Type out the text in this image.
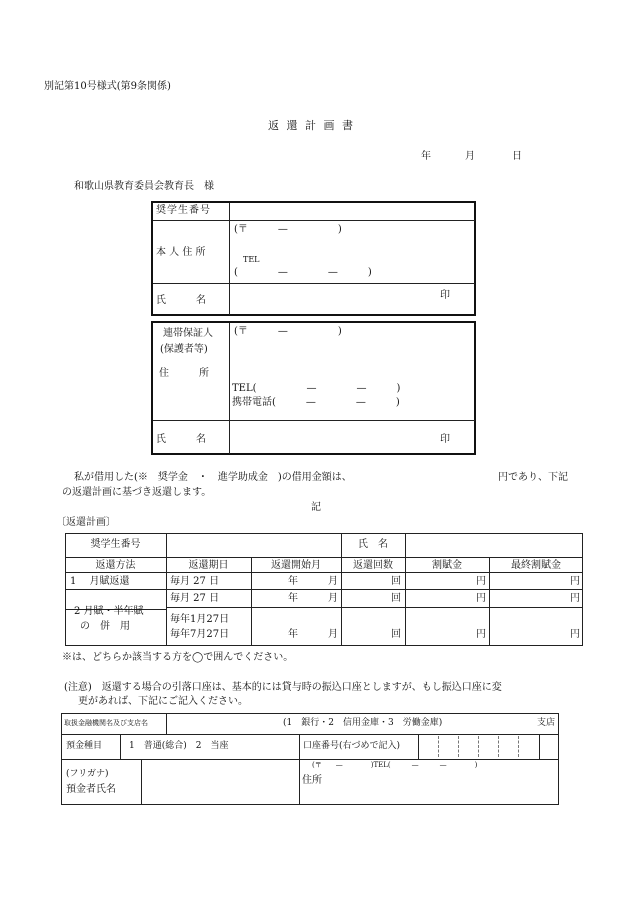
別記第10号様式(第9条関係)
返 還 計 画 書
年	月	日
和歌山県教育委員会教育長　様
奨学生番号
本 人 住 所
(〒　　　—　　　　　)
TEL
(　　　　—　　　　—　　　)
氏　　　名	印
連帯保証人
(保護者等)
住　　　所
(〒　　　—　　　　　)
TEL(　　　　　—　　　　—　　　)
携帯電話(　　　—　　　　—　　　)
氏　　　名	印
私が借用した(※　奨学金　・　進学助成金　)の借用金額は、	円であり、下記
の返還計画に基づき返還します。
記
〔返還計画〕
奨学生番号	氏　名
返還方法	返還期日	返還開始月	返還回数	割賦金	最終割賦金
1　 月賦返還	毎月 27 日	年　　　月	回	円	円
2 月賦・半年賦
の　併　用
毎月 27 日	年　　　月	回	円	円
毎年1月27日
毎年7月27日	年　　　月	回	円	円
※は、どちらか該当する方を◯で囲んでください。
(注意)　返還する場合の引落口座は、基本的には貸与時の振込口座としますが、もし振込口座に変
更があれば、下記にご記入ください。
取扱金融機関名及び支店名	(1　銀行・2　信用金庫・3　労働金庫)	支店
預金種目	1　普通(総合)　2　当座	口座番号(右づめで記入)
(フリガナ)
預金者氏名
(〒　　—　　　　)TEL(　　　—　　　—　　　　)
住所
